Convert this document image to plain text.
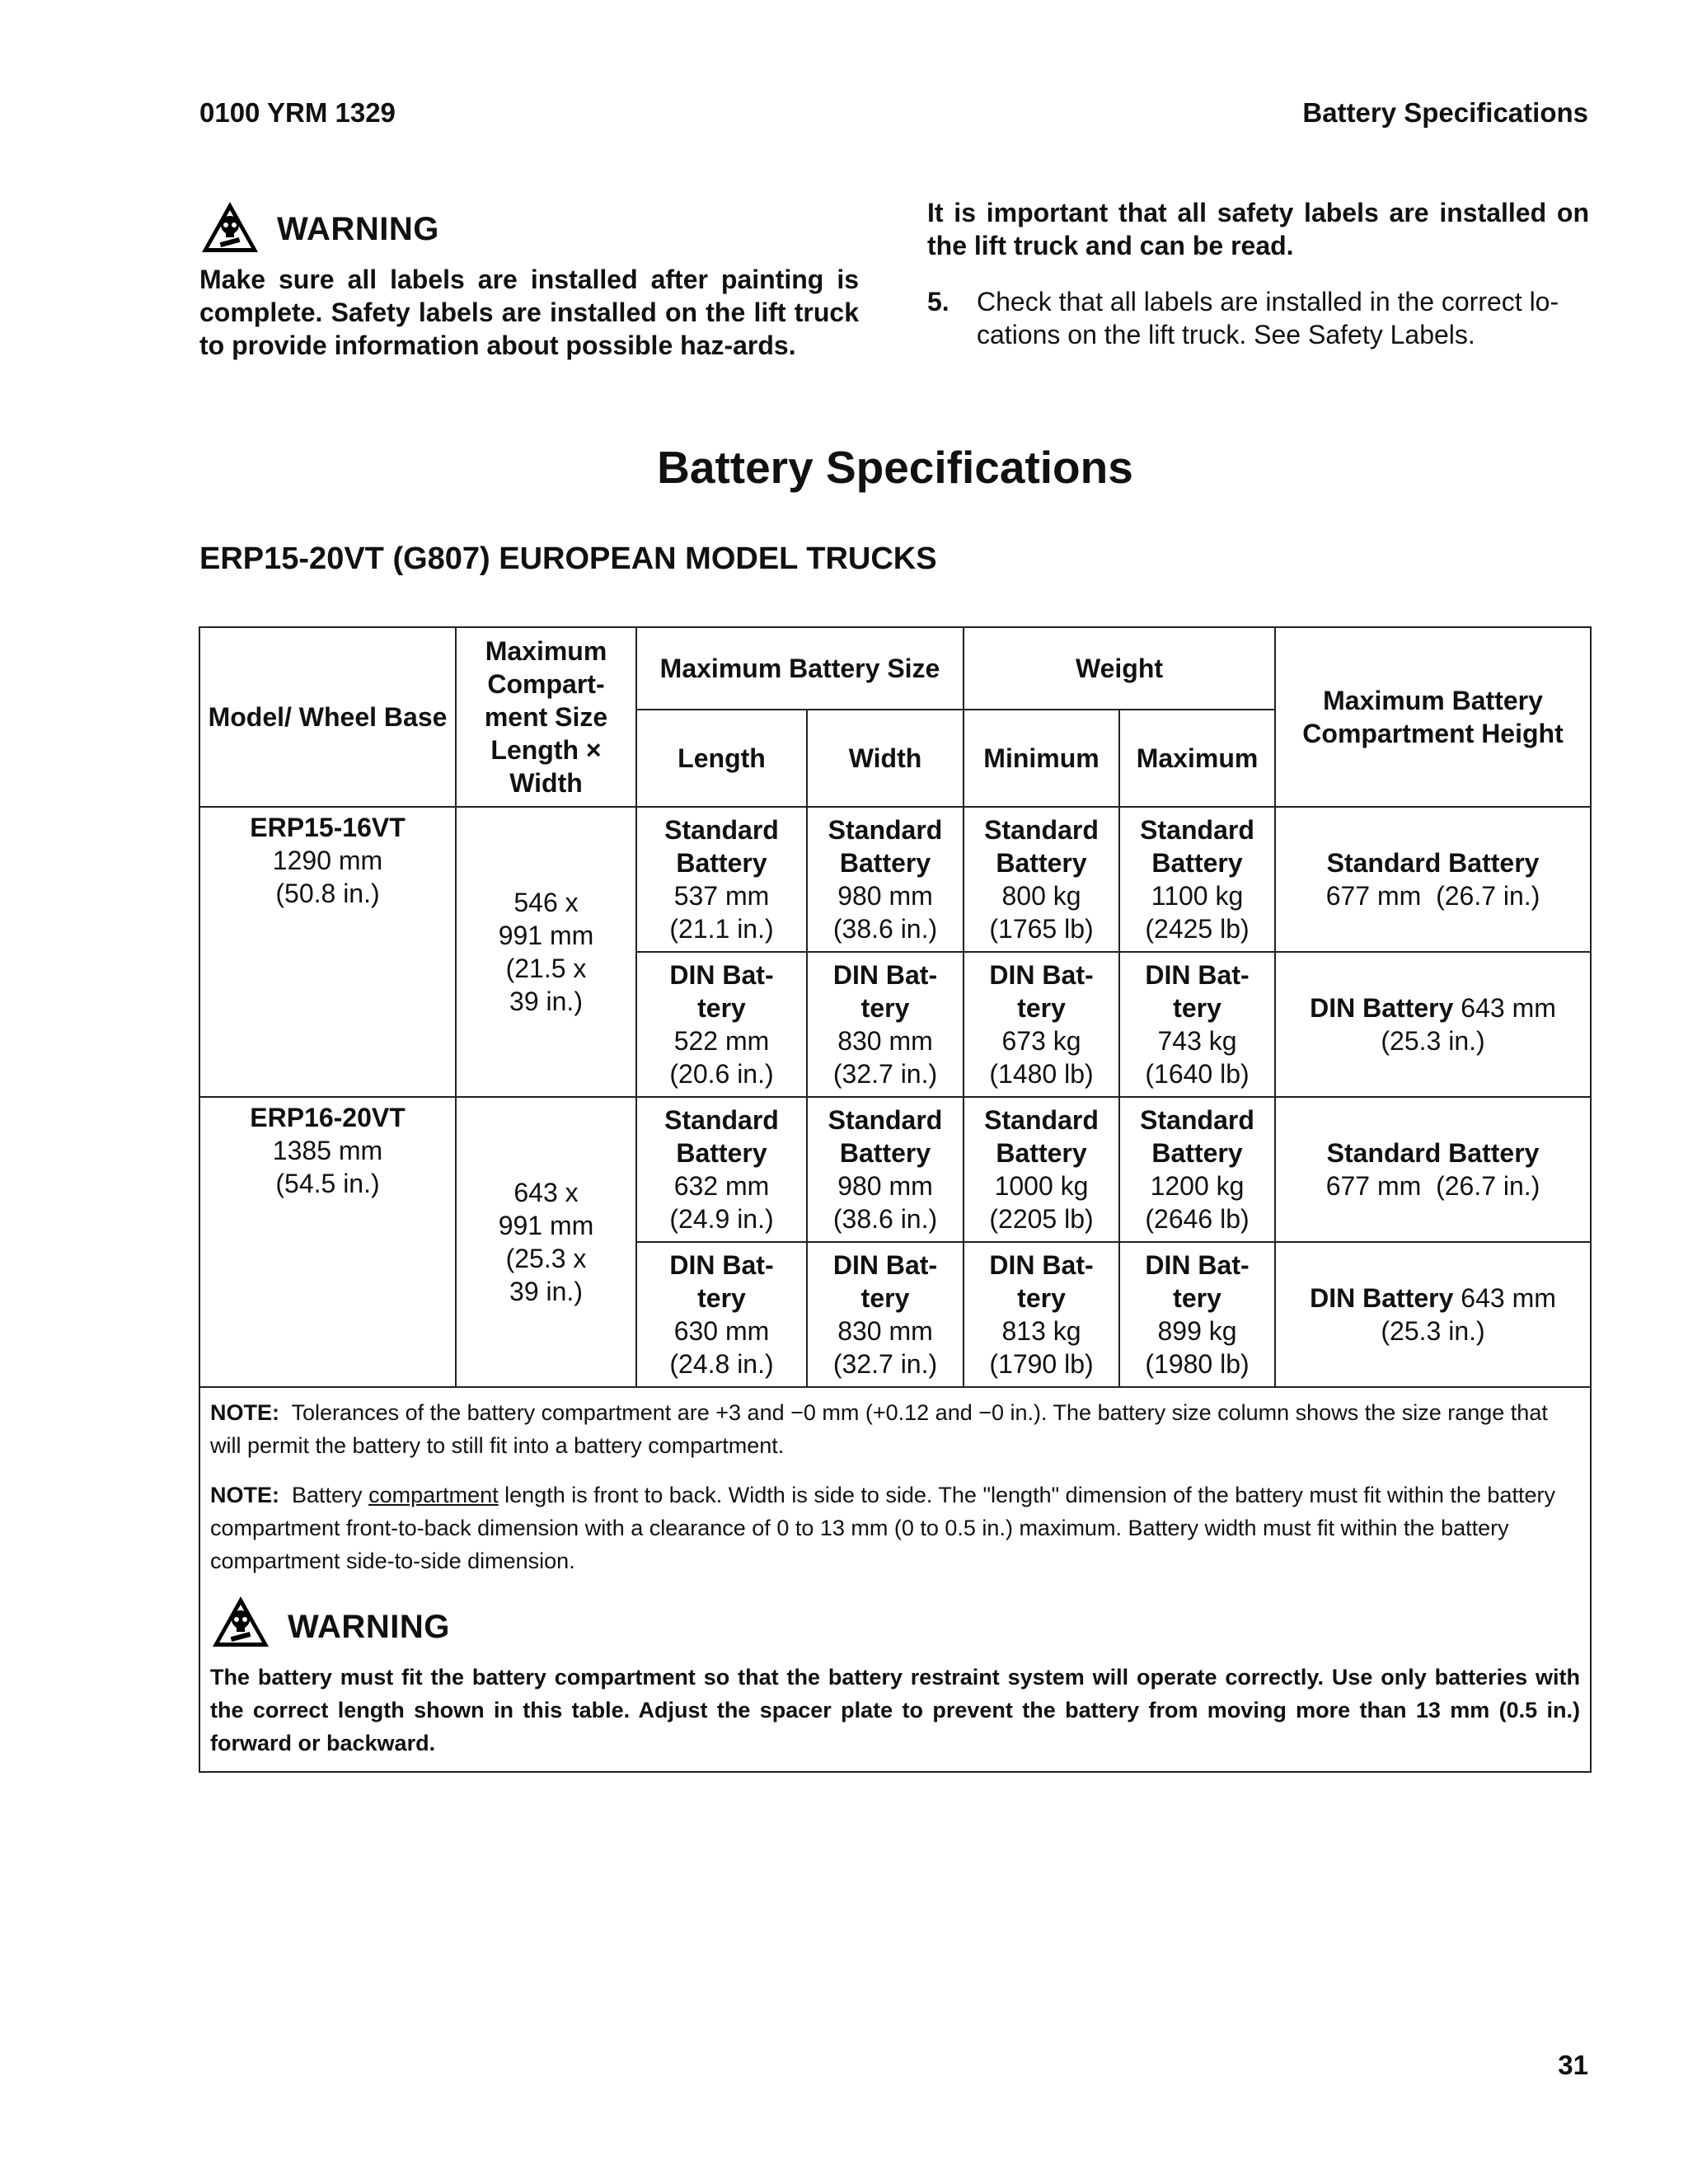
0100 YRM 1329	Battery Specifications
WARNING
Make sure all labels are installed after painting is complete. Safety labels are installed on the lift truck to provide information about possible haz-ards.
It is important that all safety labels are installed on the lift truck and can be read.
5.	Check that all labels are installed in the correct lo-cations on the lift truck. See Safety Labels.
Battery Specifications
ERP15-20VT (G807) EUROPEAN MODEL TRUCKS
Model/ Wheel Base	Maximum Compart-ment Size Length × Width	Maximum Battery Size		Weight		Maximum Battery Compartment Height
		Length	Width	Minimum	Maximum	
ERP15-16VT
1290 mm
(50.8 in.)	546 x
991 mm
(21.5 x
39 in.)	Standard
Battery
537 mm
(21.1 in.)	Standard
Battery
980 mm
(38.6 in.)	Standard
Battery
800 kg
(1765 lb)	Standard
Battery
1100 kg
(2425 lb)	Standard Battery
677 mm  (26.7 in.)
		DIN Bat-
tery
522 mm
(20.6 in.)	DIN Bat-
tery
830 mm
(32.7 in.)	DIN Bat-
tery
673 kg
(1480 lb)	DIN Bat-
tery
743 kg
(1640 lb)	DIN Battery 643 mm
(25.3 in.)
ERP16-20VT
1385 mm
(54.5 in.)	643 x
991 mm
(25.3 x
39 in.)	Standard
Battery
632 mm
(24.9 in.)	Standard
Battery
980 mm
(38.6 in.)	Standard
Battery
1000 kg
(2205 lb)	Standard
Battery
1200 kg
(2646 lb)	Standard Battery
677 mm  (26.7 in.)
		DIN Bat-
tery
630 mm
(24.8 in.)	DIN Bat-
tery
830 mm
(32.7 in.)	DIN Bat-
tery
813 kg
(1790 lb)	DIN Bat-
tery
899 kg
(1980 lb)	DIN Battery 643 mm
(25.3 in.)

NOTE: Tolerances of the battery compartment are +3 and −0 mm (+0.12 and −0 in.). The battery size column shows the size range that will permit the battery to still fit into a battery compartment.

NOTE: Battery compartment length is front to back. Width is side to side. The "length" dimension of the battery must fit within the battery compartment front-to-back dimension with a clearance of 0 to 13 mm (0 to 0.5 in.) maximum. Battery width must fit within the battery compartment side-to-side dimension.

WARNING
The battery must fit the battery compartment so that the battery restraint system will operate correctly. Use only batteries with the correct length shown in this table. Adjust the spacer plate to prevent the battery from moving more than 13 mm (0.5 in.) forward or backward.						
31
